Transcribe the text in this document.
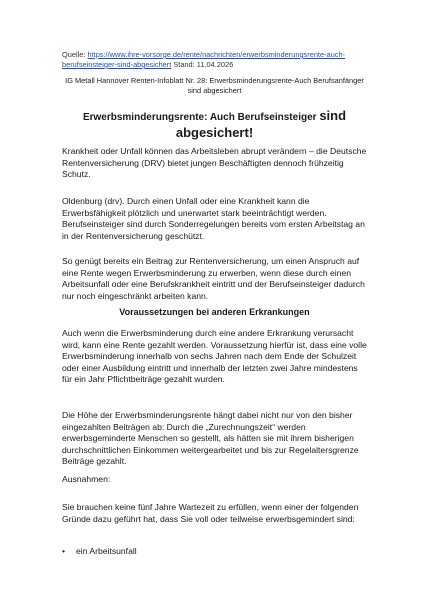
Quelle: https://www.ihre-vorsorge.de/rente/nachrichten/erwerbsminderungsrente-auch-berufseinsteiger-sind-abgesichert Stand: 11.04.2026
IG Metall Hannover Renten-Infoblatt Nr. 28: Erwerbsminderungsrente-Auch Berufsanfänger sind abgesichert
Erwerbsminderungsrente: Auch Berufseinsteiger sind
abgesichert!

Krankheit oder Unfall können das Arbeitsleben abrupt verändern – die Deutsche Rentenversicherung (DRV) bietet jungen Beschäftigten dennoch frühzeitig Schutz.

Oldenburg (drv). Durch einen Unfall oder eine Krankheit kann die Erwerbsfähigkeit plötzlich und unerwartet stark beeinträchtigt werden. Berufseinsteiger sind durch Sonderregelungen bereits vom ersten Arbeitstag an in der Rentenversicherung geschützt.

So genügt bereits ein Beitrag zur Rentenversicherung, um einen Anspruch auf eine Rente wegen Erwerbsminderung zu erwerben, wenn diese durch einen Arbeitsunfall oder eine Berufskrankheit eintritt und der Berufseinsteiger dadurch nur noch eingeschränkt arbeiten kann.

Voraussetzungen bei anderen Erkrankungen

Auch wenn die Erwerbsminderung durch eine andere Erkrankung verursacht wird, kann eine Rente gezahlt werden. Voraussetzung hierfür ist, dass eine volle Erwerbsminderung innerhalb von sechs Jahren nach dem Ende der Schulzeit oder einer Ausbildung eintritt und innerhalb der letzten zwei Jahre mindestens für ein Jahr Pflichtbeiträge gezahlt wurden.

Die Höhe der Erwerbsminderungsrente hängt dabei nicht nur von den bisher eingezahlten Beiträgen ab: Durch die „Zurechnungszeit“ werden erwerbsgeminderte Menschen so gestellt, als hätten sie mit ihrem bisherigen durchschnittlichen Einkommen weitergearbeitet und bis zur Regelaltersgrenze Beiträge gezahlt.

Ausnahmen:

Sie brauchen keine fünf Jahre Wartezeit zu erfüllen, wenn einer der folgenden Gründe dazu geführt hat, dass Sie voll oder teilweise erwerbsgemindert sind:

• ein Arbeitsunfall
